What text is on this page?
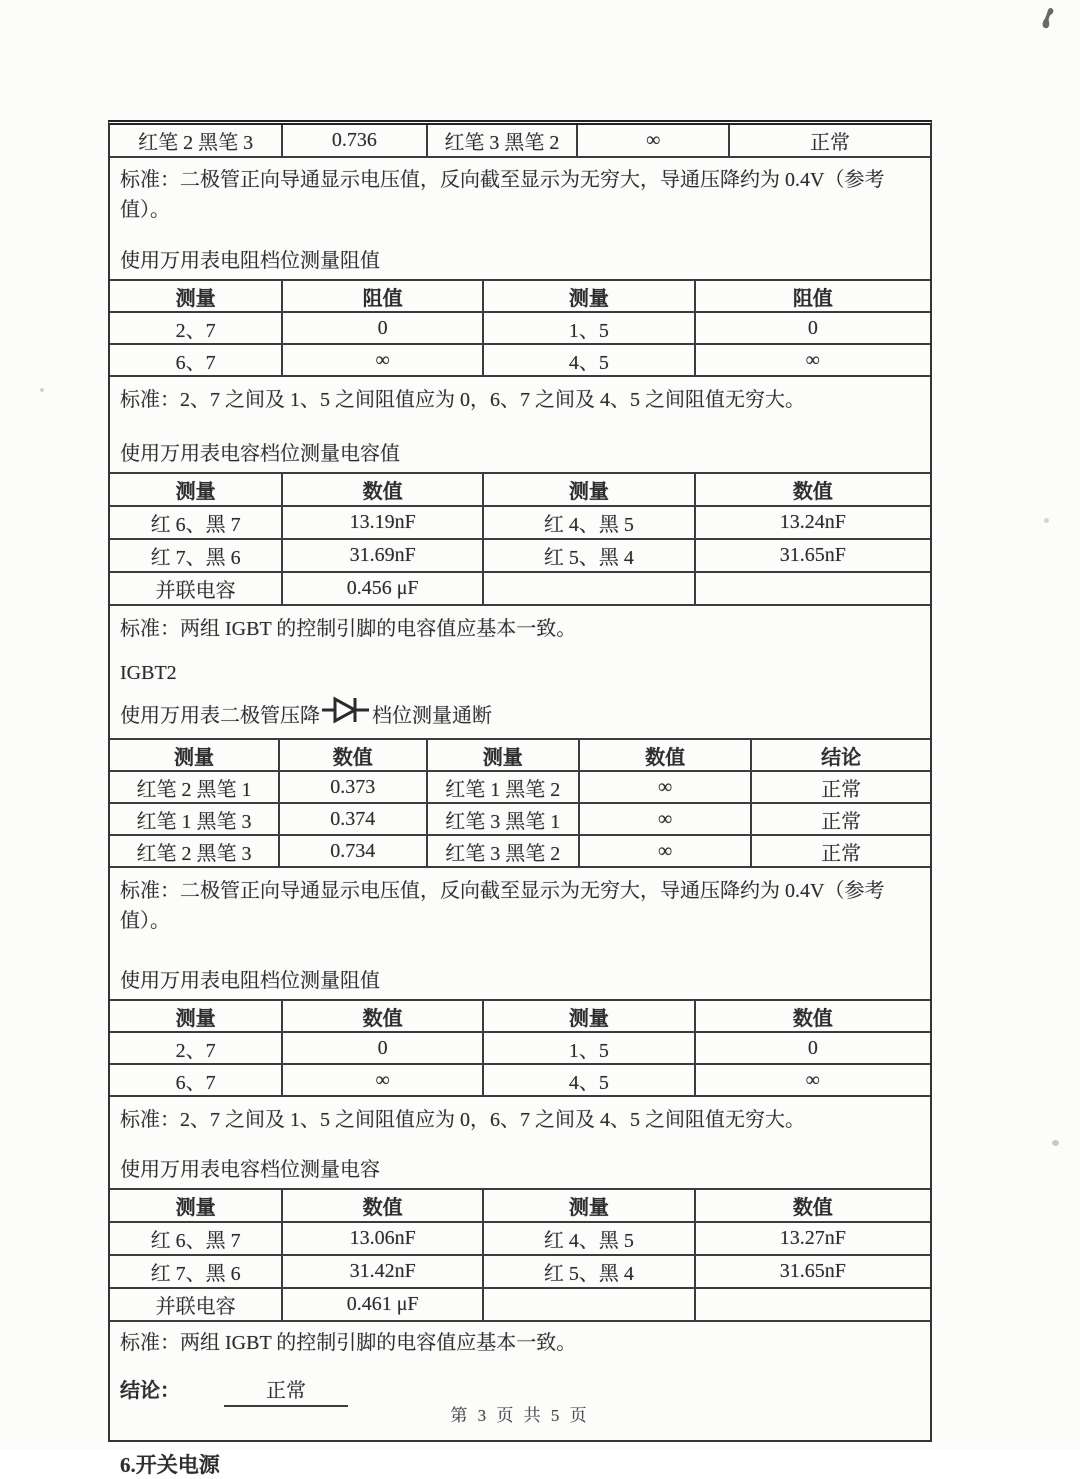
红笔 2 黑笔 3	0.736	红笔 3 黑笔 2	∞	正常
标准：二极管正向导通显示电压值，反向截至显示为无穷大，导通压降约为 0.4V（参考值）。
使用万用表电阻档位测量阻值
测量	阻值	测量	阻值
2、7	0	1、5	0
6、7	∞	4、5	∞
标准：2、7 之间及 1、5 之间阻值应为 0，6、7 之间及 4、5 之间阻值无穷大。
使用万用表电容档位测量电容值
测量	数值	测量	数值
红 6、黑 7	13.19nF	红 4、黑 5	13.24nF
红 7、黑 6	31.69nF	红 5、黑 4	31.65nF
并联电容	0.456 μF		
标准：两组 IGBT 的控制引脚的电容值应基本一致。
IGBT2
使用万用表二极管压降	档位测量通断
测量	数值	测量	数值	结论
红笔 2 黑笔 1	0.373	红笔 1 黑笔 2	∞	正常
红笔 1 黑笔 3	0.374	红笔 3 黑笔 1	∞	正常
红笔 2 黑笔 3	0.734	红笔 3 黑笔 2	∞	正常
标准：二极管正向导通显示电压值，反向截至显示为无穷大，导通压降约为 0.4V（参考值）。
使用万用表电阻档位测量阻值
测量	数值	测量	数值
2、7	0	1、5	0
6、7	∞	4、5	∞
标准：2、7 之间及 1、5 之间阻值应为 0，6、7 之间及 4、5 之间阻值无穷大。
使用万用表电容档位测量电容
测量	数值	测量	数值
红 6、黑 7	13.06nF	红 4、黑 5	13.27nF
红 7、黑 6	31.42nF	红 5、黑 4	31.65nF
并联电容	0.461 μF		
标准：两组 IGBT 的控制引脚的电容值应基本一致。
结论：	正常
6.开关电源
第 3 页 共 5 页
